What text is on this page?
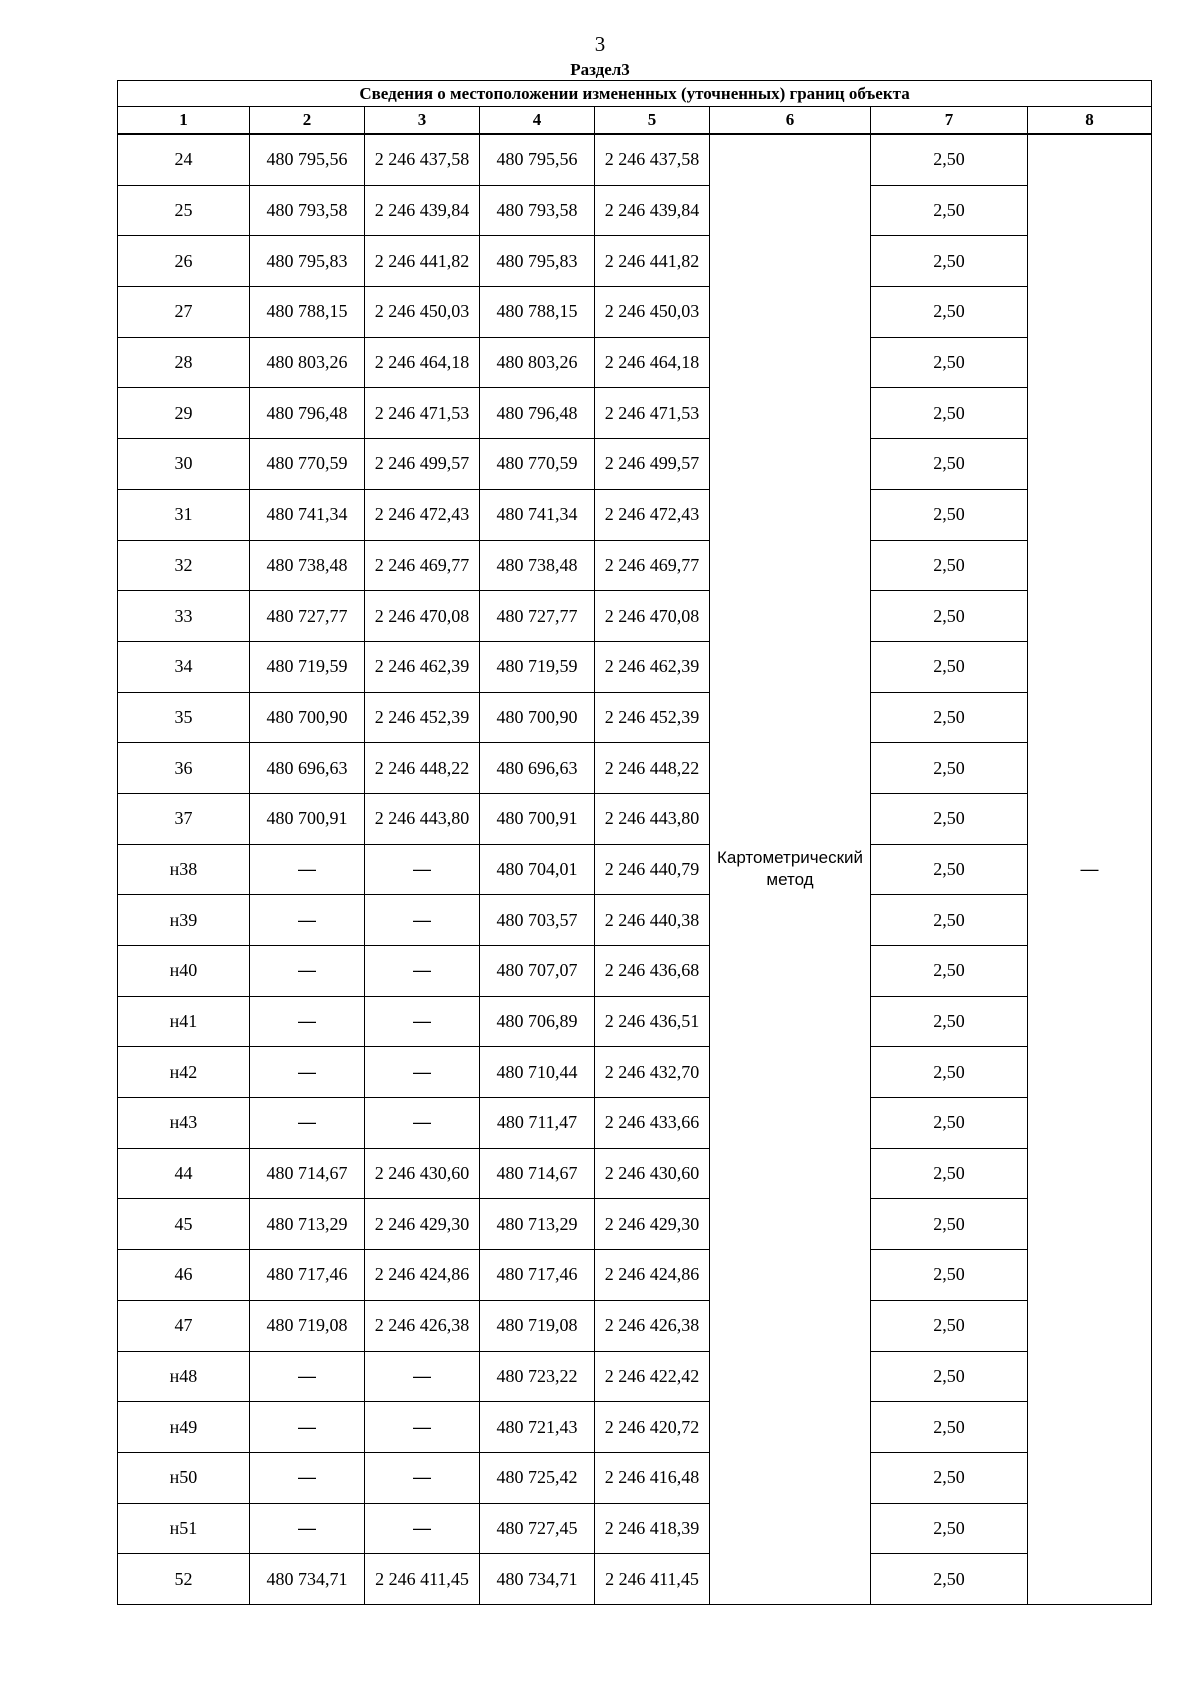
3
Раздел3
Сведения о местоположении измененных (уточненных) границ объекта							
1	2	3	4	5	6	7	8
24	480 795,56	2 246 437,58	480 795,56	2 246 437,58	Картометрический метод	2,50	—
25	480 793,58	2 246 439,84	480 793,58	2 246 439,84		2,50	
26	480 795,83	2 246 441,82	480 795,83	2 246 441,82		2,50	
27	480 788,15	2 246 450,03	480 788,15	2 246 450,03		2,50	
28	480 803,26	2 246 464,18	480 803,26	2 246 464,18		2,50	
29	480 796,48	2 246 471,53	480 796,48	2 246 471,53		2,50	
30	480 770,59	2 246 499,57	480 770,59	2 246 499,57		2,50	
31	480 741,34	2 246 472,43	480 741,34	2 246 472,43		2,50	
32	480 738,48	2 246 469,77	480 738,48	2 246 469,77		2,50	
33	480 727,77	2 246 470,08	480 727,77	2 246 470,08		2,50	
34	480 719,59	2 246 462,39	480 719,59	2 246 462,39		2,50	
35	480 700,90	2 246 452,39	480 700,90	2 246 452,39		2,50	
36	480 696,63	2 246 448,22	480 696,63	2 246 448,22		2,50	
37	480 700,91	2 246 443,80	480 700,91	2 246 443,80		2,50	
н38	—	—	480 704,01	2 246 440,79		2,50	
н39	—	—	480 703,57	2 246 440,38		2,50	
н40	—	—	480 707,07	2 246 436,68		2,50	
н41	—	—	480 706,89	2 246 436,51		2,50	
н42	—	—	480 710,44	2 246 432,70		2,50	
н43	—	—	480 711,47	2 246 433,66		2,50	
44	480 714,67	2 246 430,60	480 714,67	2 246 430,60		2,50	
45	480 713,29	2 246 429,30	480 713,29	2 246 429,30		2,50	
46	480 717,46	2 246 424,86	480 717,46	2 246 424,86		2,50	
47	480 719,08	2 246 426,38	480 719,08	2 246 426,38		2,50	
н48	—	—	480 723,22	2 246 422,42		2,50	
н49	—	—	480 721,43	2 246 420,72		2,50	
н50	—	—	480 725,42	2 246 416,48		2,50	
н51	—	—	480 727,45	2 246 418,39		2,50	
52	480 734,71	2 246 411,45	480 734,71	2 246 411,45		2,50	
